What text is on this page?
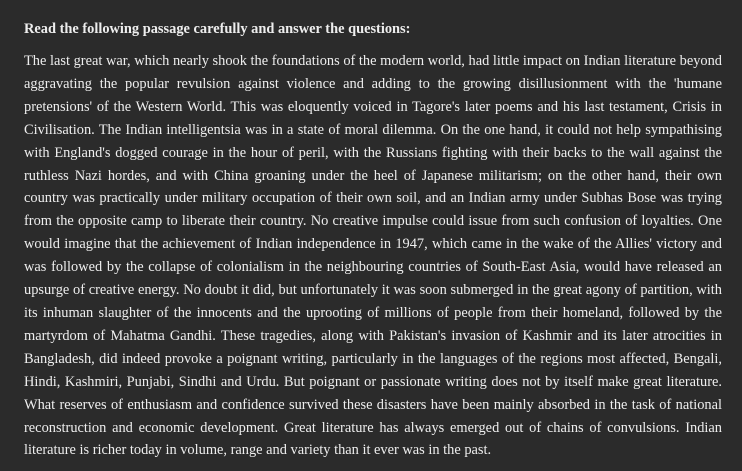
Read the following passage carefully and answer the questions:

The last great war, which nearly shook the foundations of the modern world, had little impact on Indian literature beyond aggravating the popular revulsion against violence and adding to the growing disillusionment with the 'humane pretensions' of the Western World. This was eloquently voiced in Tagore's later poems and his last testament, Crisis in Civilisation. The Indian intelligentsia was in a state of moral dilemma. On the one hand, it could not help sympathising with England's dogged courage in the hour of peril, with the Russians fighting with their backs to the wall against the ruthless Nazi hordes, and with China groaning under the heel of Japanese militarism; on the other hand, their own country was practically under military occupation of their own soil, and an Indian army under Subhas Bose was trying from the opposite camp to liberate their country. No creative impulse could issue from such confusion of loyalties. One would imagine that the achievement of Indian independence in 1947, which came in the wake of the Allies' victory and was followed by the collapse of colonialism in the neighbouring countries of South-East Asia, would have released an upsurge of creative energy. No doubt it did, but unfortunately it was soon submerged in the great agony of partition, with its inhuman slaughter of the innocents and the uprooting of millions of people from their homeland, followed by the martyrdom of Mahatma Gandhi. These tragedies, along with Pakistan's invasion of Kashmir and its later atrocities in Bangladesh, did indeed provoke a poignant writing, particularly in the languages of the regions most affected, Bengali, Hindi, Kashmiri, Punjabi, Sindhi and Urdu. But poignant or passionate writing does not by itself make great literature. What reserves of enthusiasm and confidence survived these disasters have been mainly absorbed in the task of national reconstruction and economic development. Great literature has always emerged out of chains of convulsions. Indian literature is richer today in volume, range and variety than it ever was in the past.
